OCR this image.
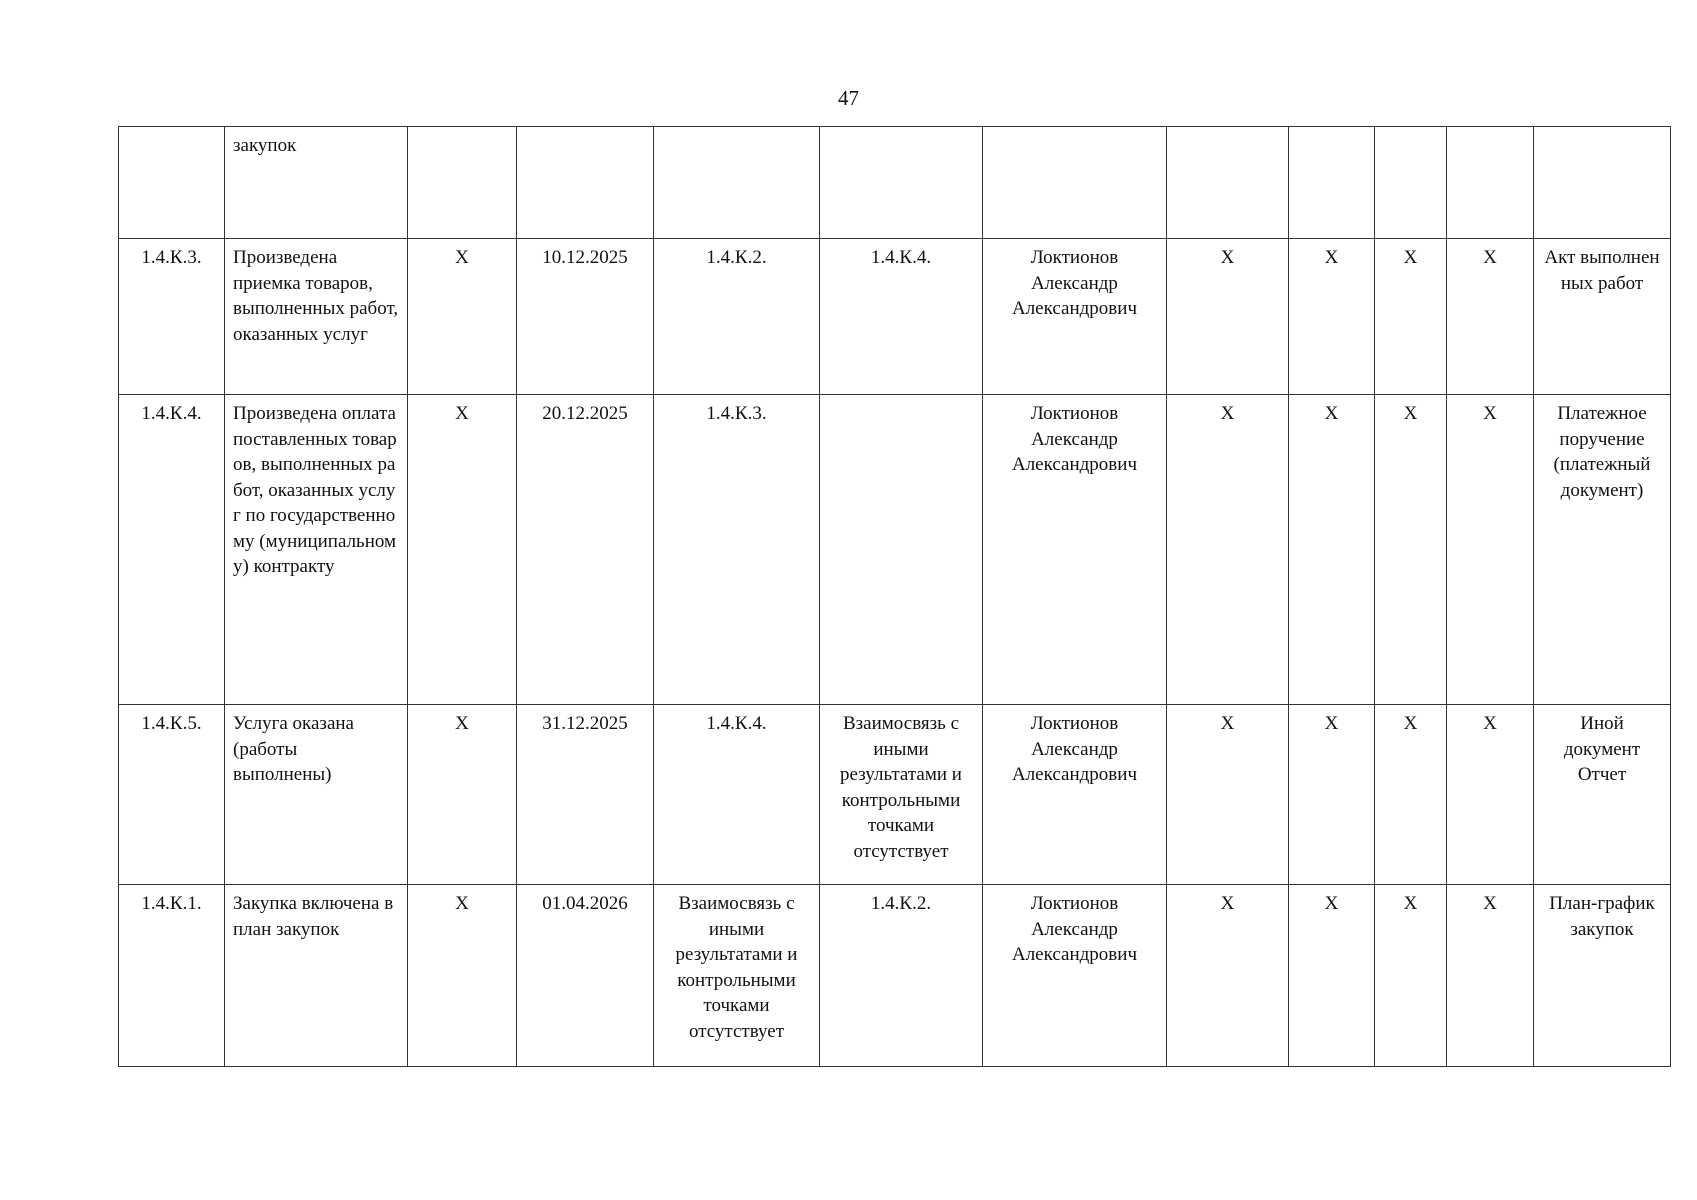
47
	закупок										
1.4.К.3.	Произведена приемка товаров, выполненных работ, оказанных услуг	X	10.12.2025	1.4.К.2.	1.4.К.4.	Локтионов Александр Александрович	X	X	X	X	Акт выполненных работ
1.4.К.4.	Произведена оплата поставленных товаров, выполненных работ, оказанных услуг по государственному (муниципальному) контракту	X	20.12.2025	1.4.К.3.		Локтионов Александр Александрович	X	X	X	X	Платежное поручение (платежный документ)
1.4.К.5.	Услуга оказана (работы выполнены)	X	31.12.2025	1.4.К.4.	Взаимосвязь с иными результатами и контрольными точками отсутствует	Локтионов Александр Александрович	X	X	X	X	Иной документ Отчет
1.4.К.1.	Закупка включена в план закупок	X	01.04.2026	Взаимосвязь с иными результатами и контрольными точками отсутствует	1.4.К.2.	Локтионов Александр Александрович	X	X	X	X	План-график закупок
